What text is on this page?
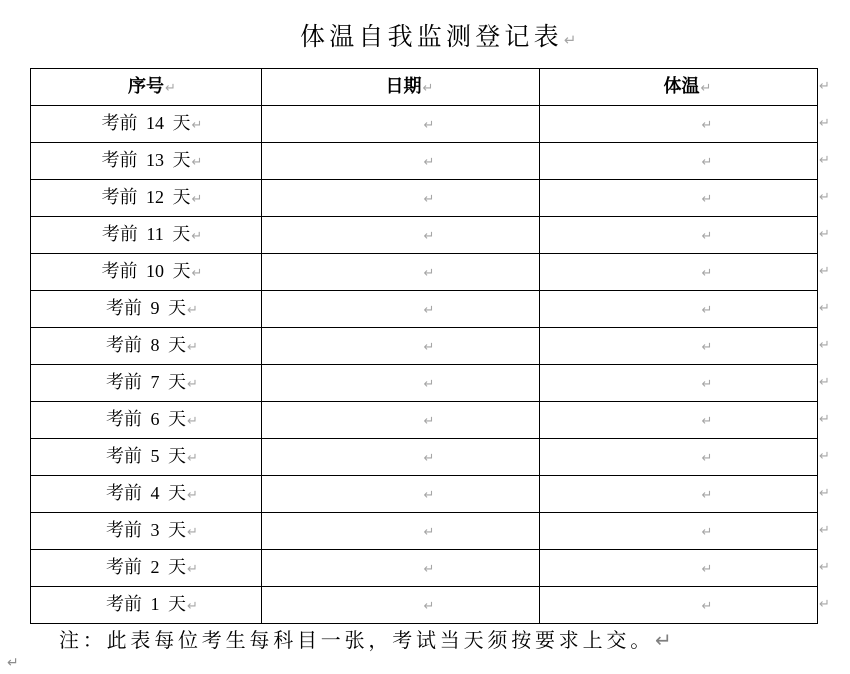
体温自我监测登记表↵
序号↵	日期↵	体温↵
↵

考前 14 天↵	↵	↵
↵

考前 13 天↵	↵	↵
↵

考前 12 天↵	↵	↵
↵

考前 11 天↵	↵	↵
↵

考前 10 天↵	↵	↵
↵

考前 9 天↵	↵	↵
↵

考前 8 天↵	↵	↵
↵

考前 7 天↵	↵	↵
↵

考前 6 天↵	↵	↵
↵

考前 5 天↵	↵	↵
↵

考前 4 天↵	↵	↵
↵

考前 3 天↵	↵	↵
↵

考前 2 天↵	↵	↵
↵

考前 1 天↵	↵	↵
↵
注：此表每位考生每科目一张，考试当天须按要求上交。↵
↵
